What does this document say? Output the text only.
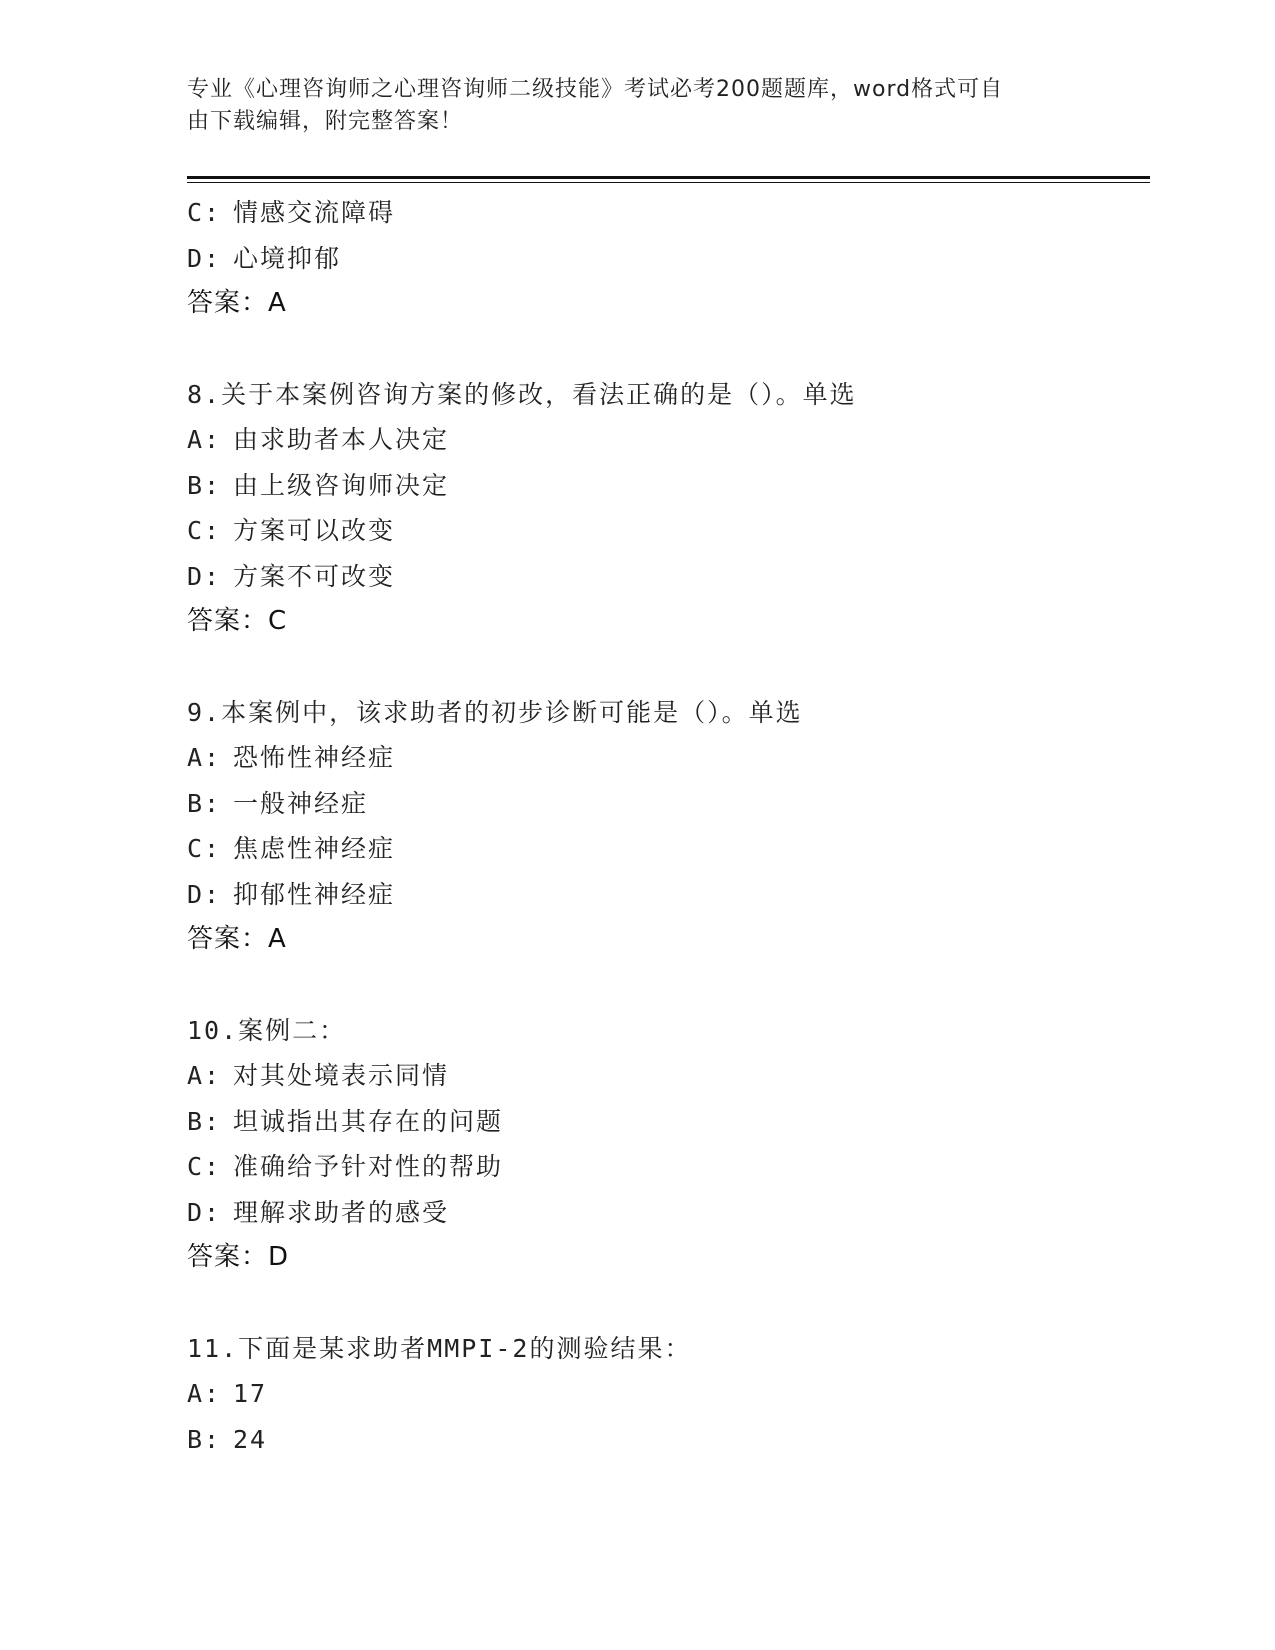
专业《心理咨询师之心理咨询师二级技能》考试必考200题题库，word格式可自
由下载编辑，附完整答案！
C: 情感交流障碍
D: 心境抑郁
答案：A
8.关于本案例咨询方案的修改，看法正确的是（）。单选
A: 由求助者本人决定
B: 由上级咨询师决定
C: 方案可以改变
D: 方案不可改变
答案：C
9.本案例中，该求助者的初步诊断可能是（）。单选
A: 恐怖性神经症
B: 一般神经症
C: 焦虑性神经症
D: 抑郁性神经症
答案：A
10.案例二：
A: 对其处境表示同情
B: 坦诚指出其存在的问题
C: 准确给予针对性的帮助
D: 理解求助者的感受
答案：D
11.下面是某求助者MMPI-2的测验结果：
A: 17
B: 24
